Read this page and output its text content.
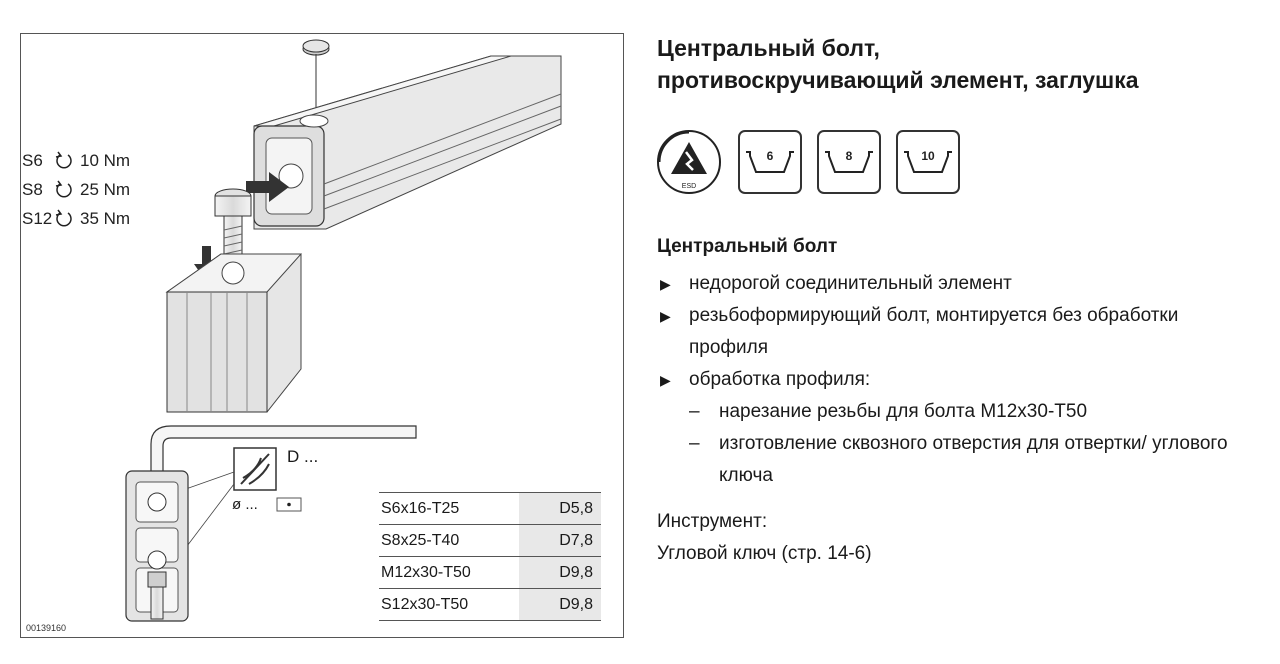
S6	10 Nm
S8	25 Nm
S12 35 Nm
D ...
ø ...
00139160
S6x16-T25	D5,8
S8x25-T40	D7,8
M12x30-T50	D9,8
S12x30-T50	D9,8
Центральный болт,
противоскручивающий элемент, заглушка
ESD
6	8	10
Центральный болт
▶ недорогой соединительный элемент
▶ резьбоформирующий болт, монтируется без обработки профиля
▶ обработка профиля:
– нарезание резьбы для болта M12x30-T50
– изготовление сквозного отверстия для отвертки/ углового ключа
Инструмент:
Угловой ключ (стр. 14-6)
